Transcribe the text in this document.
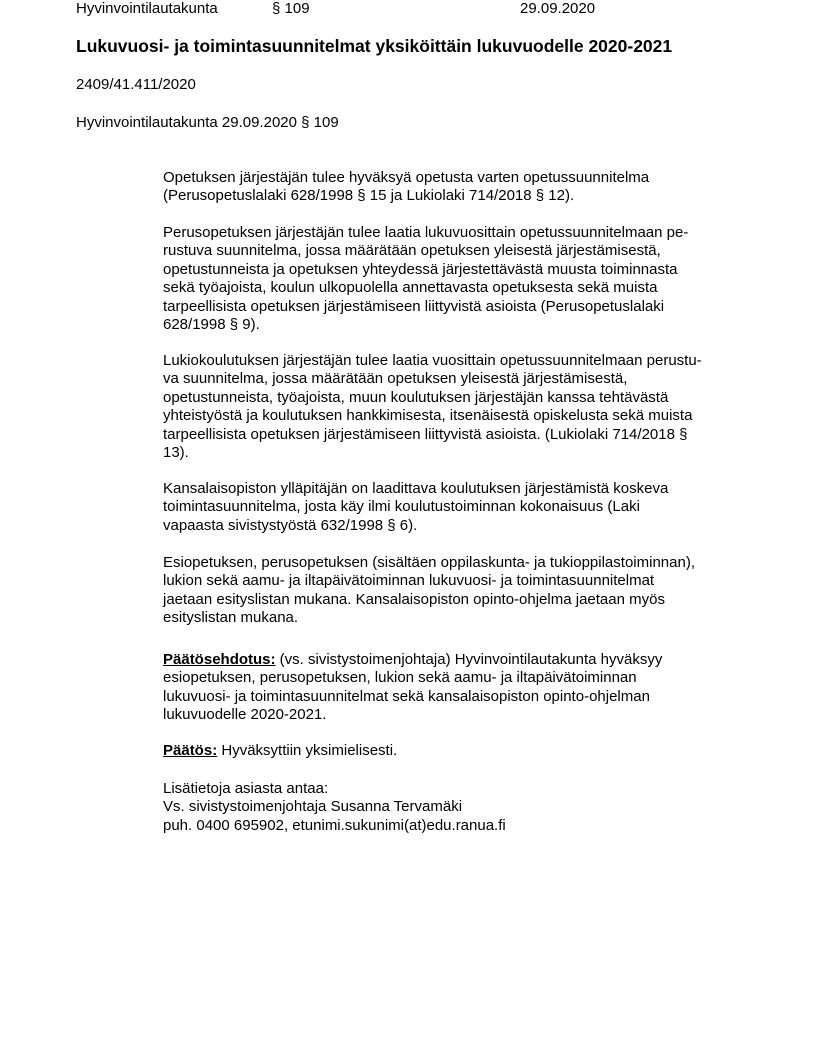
Hyvinvointilautakunta	§ 109	29.09.2020
Lukuvuosi- ja toimintasuunnitelmat yksiköittäin lukuvuodelle 2020-2021
2409/41.411/2020
Hyvinvointilautakunta 29.09.2020 § 109
Opetuksen järjestäjän tulee hyväksyä opetusta varten opetussuunnitelma
(Perusopetuslalaki 628/1998 § 15 ja Lukiolaki 714/2018 § 12).
Perusopetuksen järjestäjän tulee laatia lukuvuosittain opetussuunnitelmaan pe-
rustuva suunnitelma, jossa määrätään opetuksen yleisestä järjestämisestä,
opetustunneista ja opetuksen yhteydessä järjestettävästä muusta toiminnasta
sekä työajoista, koulun ulkopuolella annettavasta opetuksesta sekä muista
tarpeellisista opetuksen järjestämiseen liittyvistä asioista (Perusopetuslalaki
628/1998 § 9).
Lukiokoulutuksen järjestäjän tulee laatia vuosittain opetussuunnitelmaan perustu-
va suunnitelma, jossa määrätään opetuksen yleisestä järjestämisestä,
opetustunneista, työajoista, muun koulutuksen järjestäjän kanssa tehtävästä
yhteistyöstä ja koulutuksen hankkimisesta, itsenäisestä opiskelusta sekä muista
tarpeellisista opetuksen järjestämiseen liittyvistä asioista. (Lukiolaki 714/2018 §
13).
Kansalaisopiston ylläpitäjän on laadittava koulutuksen järjestämistä koskeva
toimintasuunnitelma, josta käy ilmi koulutustoiminnan kokonaisuus (Laki
vapaasta sivistystyöstä 632/1998 § 6).
Esiopetuksen, perusopetuksen (sisältäen oppilaskunta- ja tukioppilastoiminnan),
lukion sekä aamu- ja iltapäivätoiminnan lukuvuosi- ja toimintasuunnitelmat
jaetaan esityslistan mukana. Kansalaisopiston opinto-ohjelma jaetaan myös
esityslistan mukana.
Päätösehdotus: (vs. sivistystoimenjohtaja) Hyvinvointilautakunta hyväksyy
esiopetuksen, perusopetuksen, lukion sekä aamu- ja iltapäivätoiminnan
lukuvuosi- ja toimintasuunnitelmat sekä kansalaisopiston opinto-ohjelman
lukuvuodelle 2020-2021.
Päätös: Hyväksyttiin yksimielisesti.
Lisätietoja asiasta antaa:
Vs. sivistystoimenjohtaja Susanna Tervamäki
puh. 0400 695902, etunimi.sukunimi(at)edu.ranua.fi
